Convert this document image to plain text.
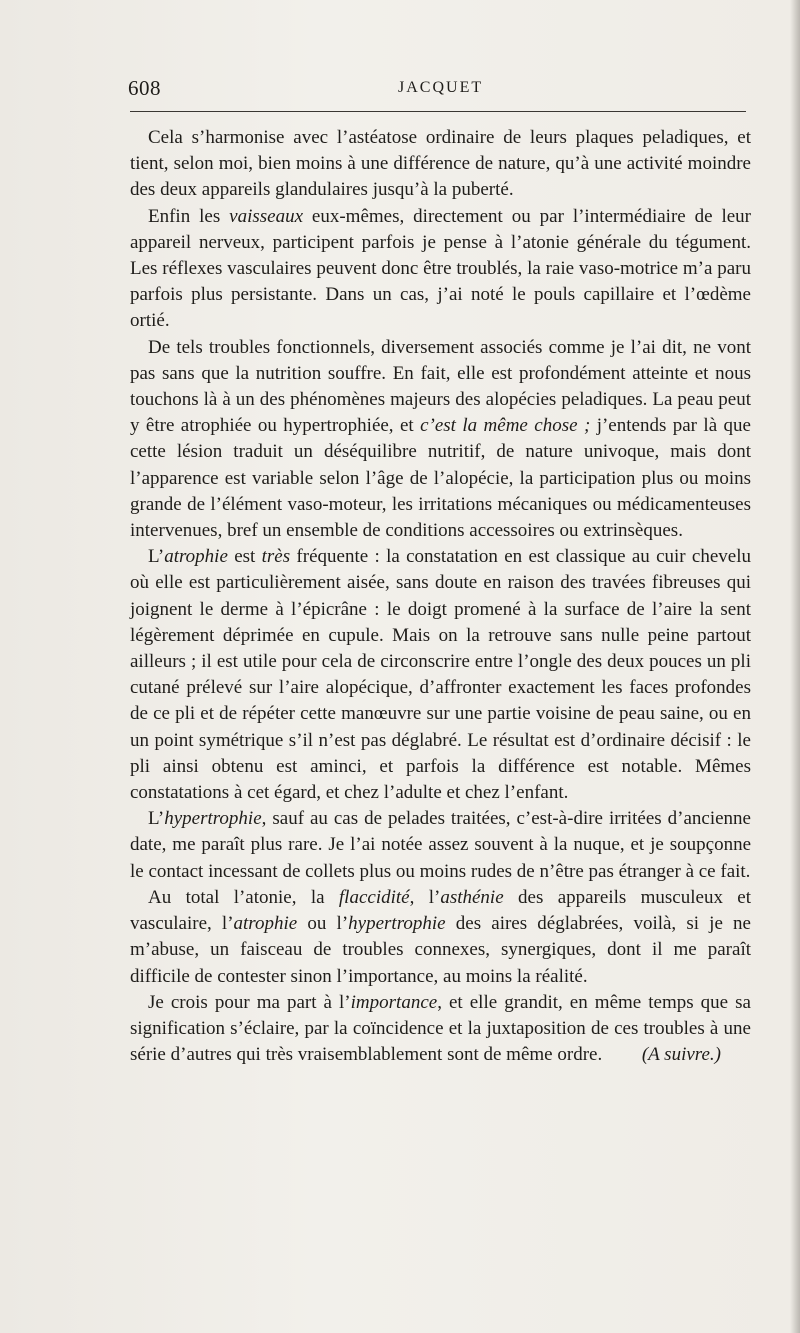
608	JACQUET

Cela s’harmonise avec l’astéatose ordinaire de leurs plaques peladiques, et tient, selon moi, bien moins à une différence de nature, qu’à une activité moindre des deux appareils glandulaires jusqu’à la puberté.

Enfin les vaisseaux eux-mêmes, directement ou par l’intermédiaire de leur appareil nerveux, participent parfois je pense à l’atonie générale du tégument. Les réflexes vasculaires peuvent donc être troublés, la raie vaso-motrice m’a paru parfois plus persistante. Dans un cas, j’ai noté le pouls capillaire et l’œdème ortié.

De tels troubles fonctionnels, diversement associés comme je l’ai dit, ne vont pas sans que la nutrition souffre. En fait, elle est profondément atteinte et nous touchons là à un des phénomènes majeurs des alopécies peladiques. La peau peut y être atrophiée ou hypertrophiée, et c’est la même chose ; j’entends par là que cette lésion traduit un déséquilibre nutritif, de nature univoque, mais dont l’apparence est variable selon l’âge de l’alopécie, la participation plus ou moins grande de l’élément vaso-moteur, les irritations mécaniques ou médicamenteuses intervenues, bref un ensemble de conditions accessoires ou extrinsèques.

L’atrophie est très fréquente : la constatation en est classique au cuir chevelu où elle est particulièrement aisée, sans doute en raison des travées fibreuses qui joignent le derme à l’épicrâne : le doigt promené à la surface de l’aire la sent légèrement déprimée en cupule. Mais on la retrouve sans nulle peine partout ailleurs ; il est utile pour cela de circonscrire entre l’ongle des deux pouces un pli cutané prélevé sur l’aire alopécique, d’affronter exactement les faces profondes de ce pli et de répéter cette manœuvre sur une partie voisine de peau saine, ou en un point symétrique s’il n’est pas déglabré. Le résultat est d’ordinaire décisif : le pli ainsi obtenu est aminci, et parfois la différence est notable. Mêmes constatations à cet égard, et chez l’adulte et chez l’enfant.

L’hypertrophie, sauf au cas de pelades traitées, c’est-à-dire irritées d’ancienne date, me paraît plus rare. Je l’ai notée assez souvent à la nuque, et je soupçonne le contact incessant de collets plus ou moins rudes de n’être pas étranger à ce fait.

Au total l’atonie, la flaccidité, l’asthénie des appareils musculeux et vasculaire, l’atrophie ou l’hypertrophie des aires déglabrées, voilà, si je ne m’abuse, un faisceau de troubles connexes, synergiques, dont il me paraît difficile de contester sinon l’importance, au moins la réalité.

Je crois pour ma part à l’importance, et elle grandit, en même temps que sa signification s’éclaire, par la coïncidence et la juxtaposition de ces troubles à une série d’autres qui très vraisemblablement sont de même ordre.	(A suivre.)
